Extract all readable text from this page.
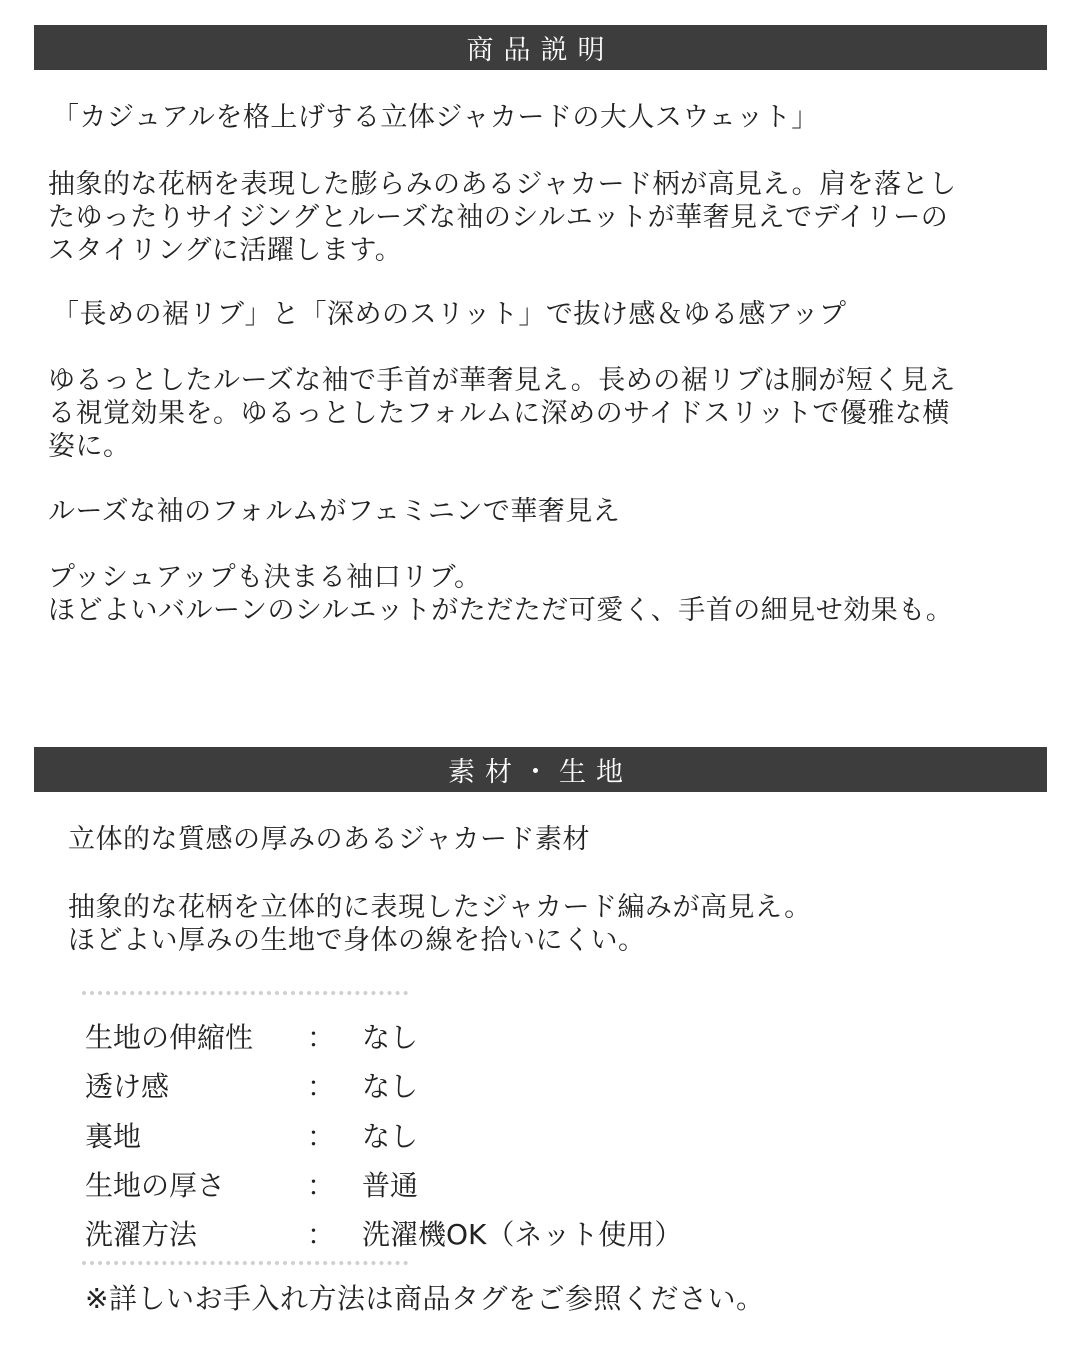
商品説明
「カジュアルを格上げする立体ジャカードの大人スウェット」
抽象的な花柄を表現した膨らみのあるジャカード柄が高見え。肩を落とし
たゆったりサイジングとルーズな袖のシルエットが華奢見えでデイリーの
スタイリングに活躍します。
「長めの裾リブ」と「深めのスリット」で抜け感＆ゆる感アップ
ゆるっとしたルーズな袖で手首が華奢見え。長めの裾リブは胴が短く見え
る視覚効果を。ゆるっとしたフォルムに深めのサイドスリットで優雅な横
姿に。
ルーズな袖のフォルムがフェミニンで華奢見え
プッシュアップも決まる袖口リブ。
ほどよいバルーンのシルエットがただただ可愛く、手首の細見せ効果も。
素材・生地
立体的な質感の厚みのあるジャカード素材
抽象的な花柄を立体的に表現したジャカード編みが高見え。
ほどよい厚みの生地で身体の線を拾いにくい。
生地の伸縮性 ： なし
透け感	： なし
裏地	： なし
生地の厚さ	： 普通
洗濯方法	： 洗濯機OK（ネット使用）
※詳しいお手入れ方法は商品タグをご参照ください。
